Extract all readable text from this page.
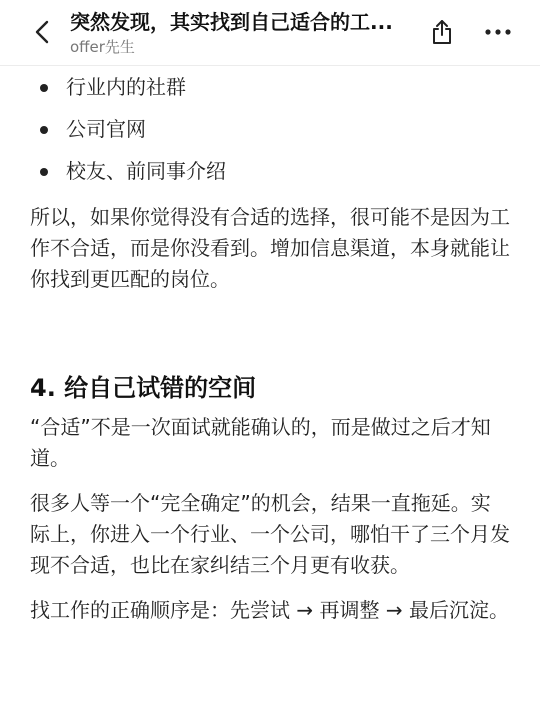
突然发现，其实找到自己适合的工...
offer先生
行业内的社群
公司官网
校友、前同事介绍

所以，如果你觉得没有合适的选择，很可能不是因为工作不合适，而是你没看到。增加信息渠道，本身就能让你找到更匹配的岗位。

4. 给自己试错的空间

“合适”不是一次面试就能确认的，而是做过之后才知道。

很多人等一个“完全确定”的机会，结果一直拖延。实际上，你进入一个行业、一个公司，哪怕干了三个月发现不合适，也比在家纠结三个月更有收获。

找工作的正确顺序是：先尝试 → 再调整 → 最后沉淀。
